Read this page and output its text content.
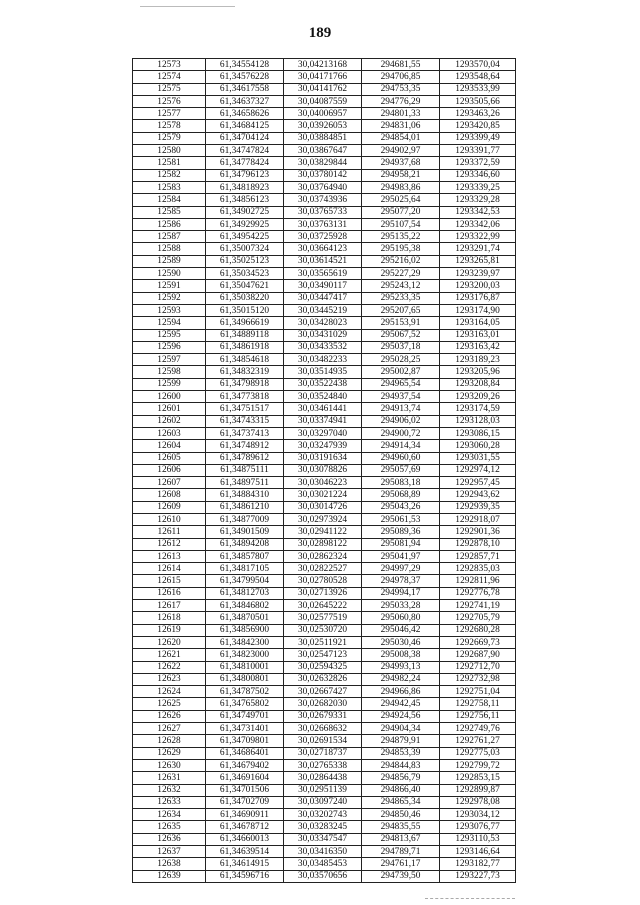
189
12573	61,34554128	30,04213168	294681,55	1293570,04
12574	61,34576228	30,04171766	294706,85	1293548,64
12575	61,34617558	30,04141762	294753,35	1293533,99
12576	61,34637327	30,04087559	294776,29	1293505,66
12577	61,34658626	30,04006957	294801,33	1293463,26
12578	61,34684125	30,03926053	294831,06	1293420,85
12579	61,34704124	30,03884851	294854,01	1293399,49
12580	61,34747824	30,03867647	294902,97	1293391,77
12581	61,34778424	30,03829844	294937,68	1293372,59
12582	61,34796123	30,03780142	294958,21	1293346,60
12583	61,34818923	30,03764940	294983,86	1293339,25
12584	61,34856123	30,03743936	295025,64	1293329,28
12585	61,34902725	30,03765733	295077,20	1293342,53
12586	61,34929925	30,03763131	295107,54	1293342,06
12587	61,34954225	30,03725928	295135,22	1293322,99
12588	61,35007324	30,03664123	295195,38	1293291,74
12589	61,35025123	30,03614521	295216,02	1293265,81
12590	61,35034523	30,03565619	295227,29	1293239,97
12591	61,35047621	30,03490117	295243,12	1293200,03
12592	61,35038220	30,03447417	295233,35	1293176,87
12593	61,35015120	30,03445219	295207,65	1293174,90
12594	61,34966619	30,03428023	295153,91	1293164,05
12595	61,34889118	30,03431029	295067,52	1293163,01
12596	61,34861918	30,03433532	295037,18	1293163,42
12597	61,34854618	30,03482233	295028,25	1293189,23
12598	61,34832319	30,03514935	295002,87	1293205,96
12599	61,34798918	30,03522438	294965,54	1293208,84
12600	61,34773818	30,03524840	294937,54	1293209,26
12601	61,34751517	30,03461441	294913,74	1293174,59
12602	61,34743315	30,03374941	294906,02	1293128,03
12603	61,34737413	30,03297040	294900,72	1293086,15
12604	61,34748912	30,03247939	294914,34	1293060,28
12605	61,34789612	30,03191634	294960,60	1293031,55
12606	61,34875111	30,03078826	295057,69	1292974,12
12607	61,34897511	30,03046223	295083,18	1292957,45
12608	61,34884310	30,03021224	295068,89	1292943,62
12609	61,34861210	30,03014726	295043,26	1292939,35
12610	61,34877009	30,02973924	295061,53	1292918,07
12611	61,34901509	30,02941122	295089,36	1292901,36
12612	61,34894208	30,02898122	295081,94	1292878,10
12613	61,34857807	30,02862324	295041,97	1292857,71
12614	61,34817105	30,02822527	294997,29	1292835,03
12615	61,34799504	30,02780528	294978,37	1292811,96
12616	61,34812703	30,02713926	294994,17	1292776,78
12617	61,34846802	30,02645222	295033,28	1292741,19
12618	61,34870501	30,02577519	295060,80	1292705,79
12619	61,34856900	30,02530720	295046,42	1292680,28
12620	61,34842300	30,02511921	295030,46	1292669,73
12621	61,34823000	30,02547123	295008,38	1292687,90
12622	61,34810001	30,02594325	294993,13	1292712,70
12623	61,34800801	30,02632826	294982,24	1292732,98
12624	61,34787502	30,02667427	294966,86	1292751,04
12625	61,34765802	30,02682030	294942,45	1292758,11
12626	61,34749701	30,02679331	294924,56	1292756,11
12627	61,34731401	30,02668632	294904,34	1292749,76
12628	61,34709801	30,02691534	294879,91	1292761,27
12629	61,34686401	30,02718737	294853,39	1292775,03
12630	61,34679402	30,02765338	294844,83	1292799,72
12631	61,34691604	30,02864438	294856,79	1292853,15
12632	61,34701506	30,02951139	294866,40	1292899,87
12633	61,34702709	30,03097240	294865,34	1292978,08
12634	61,34690911	30,03202743	294850,46	1293034,12
12635	61,34678712	30,03283245	294835,55	1293076,77
12636	61,34660013	30,03347547	294813,67	1293110,53
12637	61,34639514	30,03416350	294789,71	1293146,64
12638	61,34614915	30,03485453	294761,17	1293182,77
12639	61,34596716	30,03570656	294739,50	1293227,73
